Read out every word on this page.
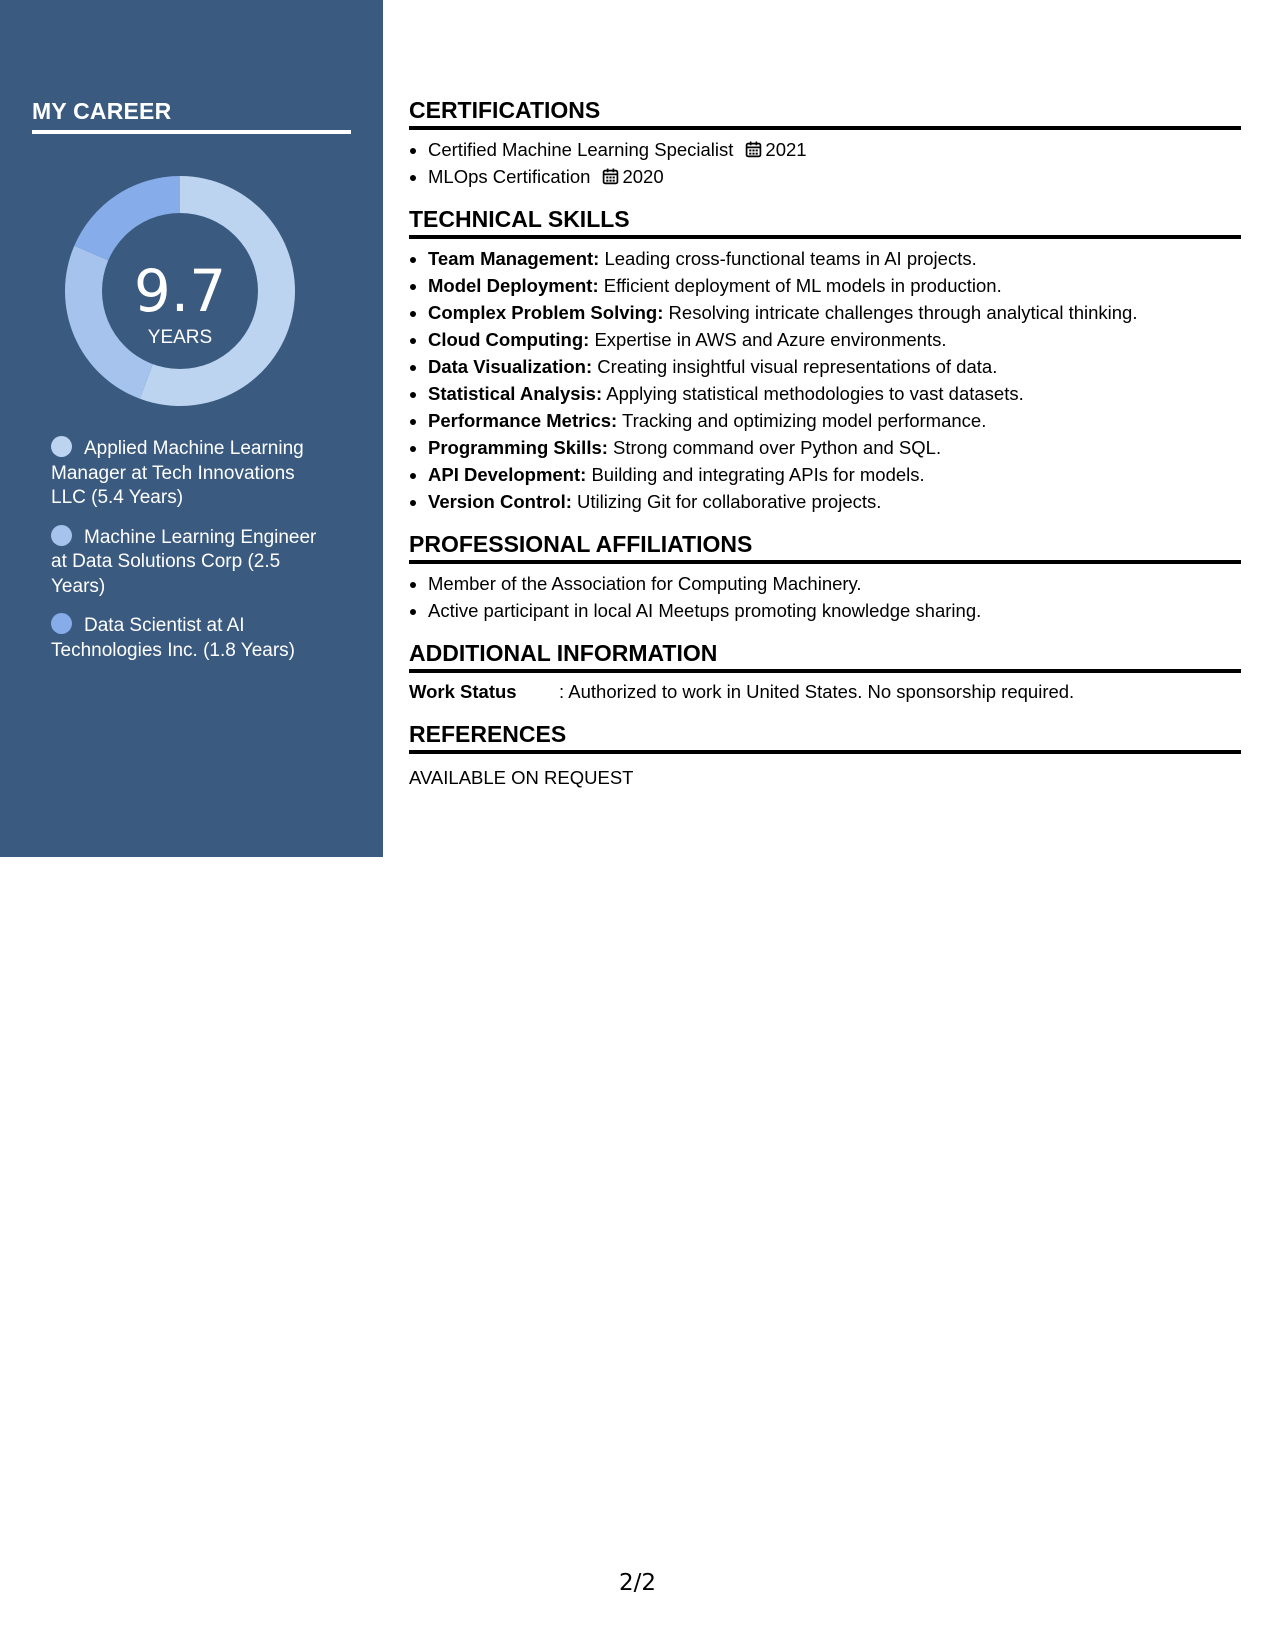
MY CAREER
9.7
YEARS
Applied Machine Learning Manager at Tech Innovations LLC (5.4 Years)
Machine Learning Engineer at Data Solutions Corp (2.5 Years)
Data Scientist at AI Technologies Inc. (1.8 Years)
CERTIFICATIONS
• Certified Machine Learning Specialist 2021
• MLOps Certification 2020
TECHNICAL SKILLS
• Team Management: Leading cross-functional teams in AI projects.
• Model Deployment: Efficient deployment of ML models in production.
• Complex Problem Solving: Resolving intricate challenges through analytical thinking.
• Cloud Computing: Expertise in AWS and Azure environments.
• Data Visualization: Creating insightful visual representations of data.
• Statistical Analysis: Applying statistical methodologies to vast datasets.
• Performance Metrics: Tracking and optimizing model performance.
• Programming Skills: Strong command over Python and SQL.
• API Development: Building and integrating APIs for models.
• Version Control: Utilizing Git for collaborative projects.
PROFESSIONAL AFFILIATIONS
• Member of the Association for Computing Machinery.
• Active participant in local AI Meetups promoting knowledge sharing.
ADDITIONAL INFORMATION
Work Status	: Authorized to work in United States. No sponsorship required.
REFERENCES
AVAILABLE ON REQUEST
2/2
